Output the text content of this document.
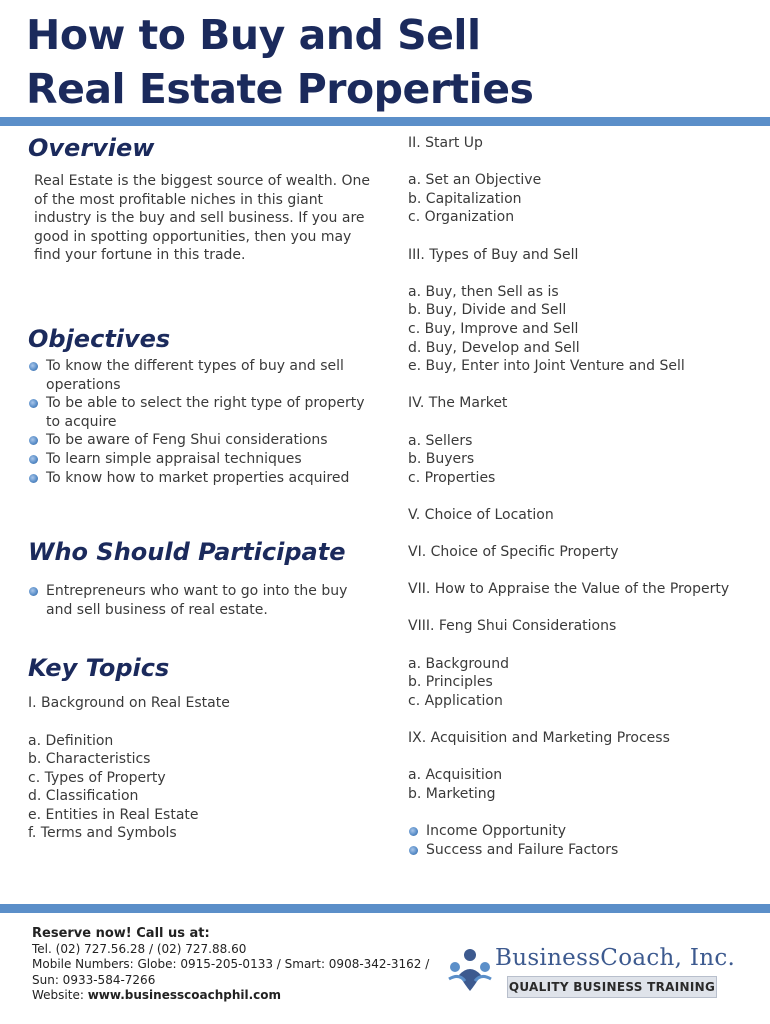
How to Buy and Sell
Real Estate Properties
Overview

Real Estate is the biggest source of wealth. One of the most profitable niches in this giant industry is the buy and sell business. If you are good in spotting opportunities, then you may find your fortune in this trade.

Objectives
To know the different types of buy and sell operations
To be able to select the right type of property to acquire
To be aware of Feng Shui considerations
To learn simple appraisal techniques
To know how to market properties acquired
Who Should Participate
Entrepreneurs who want to go into the buy and sell business of real estate.
Key Topics

I. Background on Real Estate

a. Definition

b. Characteristics

c. Types of Property

d. Classification

e. Entities in Real Estate

f. Terms and Symbols

II. Start Up

a. Set an Objective

b. Capitalization

c. Organization

III. Types of Buy and Sell

a. Buy, then Sell as is

b. Buy, Divide and Sell

c. Buy, Improve and Sell

d. Buy, Develop and Sell

e. Buy, Enter into Joint Venture and Sell

IV. The Market

a. Sellers

b. Buyers

c. Properties

V. Choice of Location

VI. Choice of Specific Property

VII. How to Appraise the Value of the Property

VIII. Feng Shui Considerations

a. Background

b. Principles

c. Application

IX. Acquisition and Marketing Process

a. Acquisition

b. Marketing

Income Opportunity
Success and Failure Factors
Reserve now! Call us at:
Tel. (02) 727.56.28 / (02) 727.88.60
Mobile Numbers: Globe: 0915-205-0133 / Smart: 0908-342-3162 / Sun: 0933-584-7266
Website: www.businesscoachphil.com
BusinessCoach, Inc.
QUALITY BUSINESS TRAINING
